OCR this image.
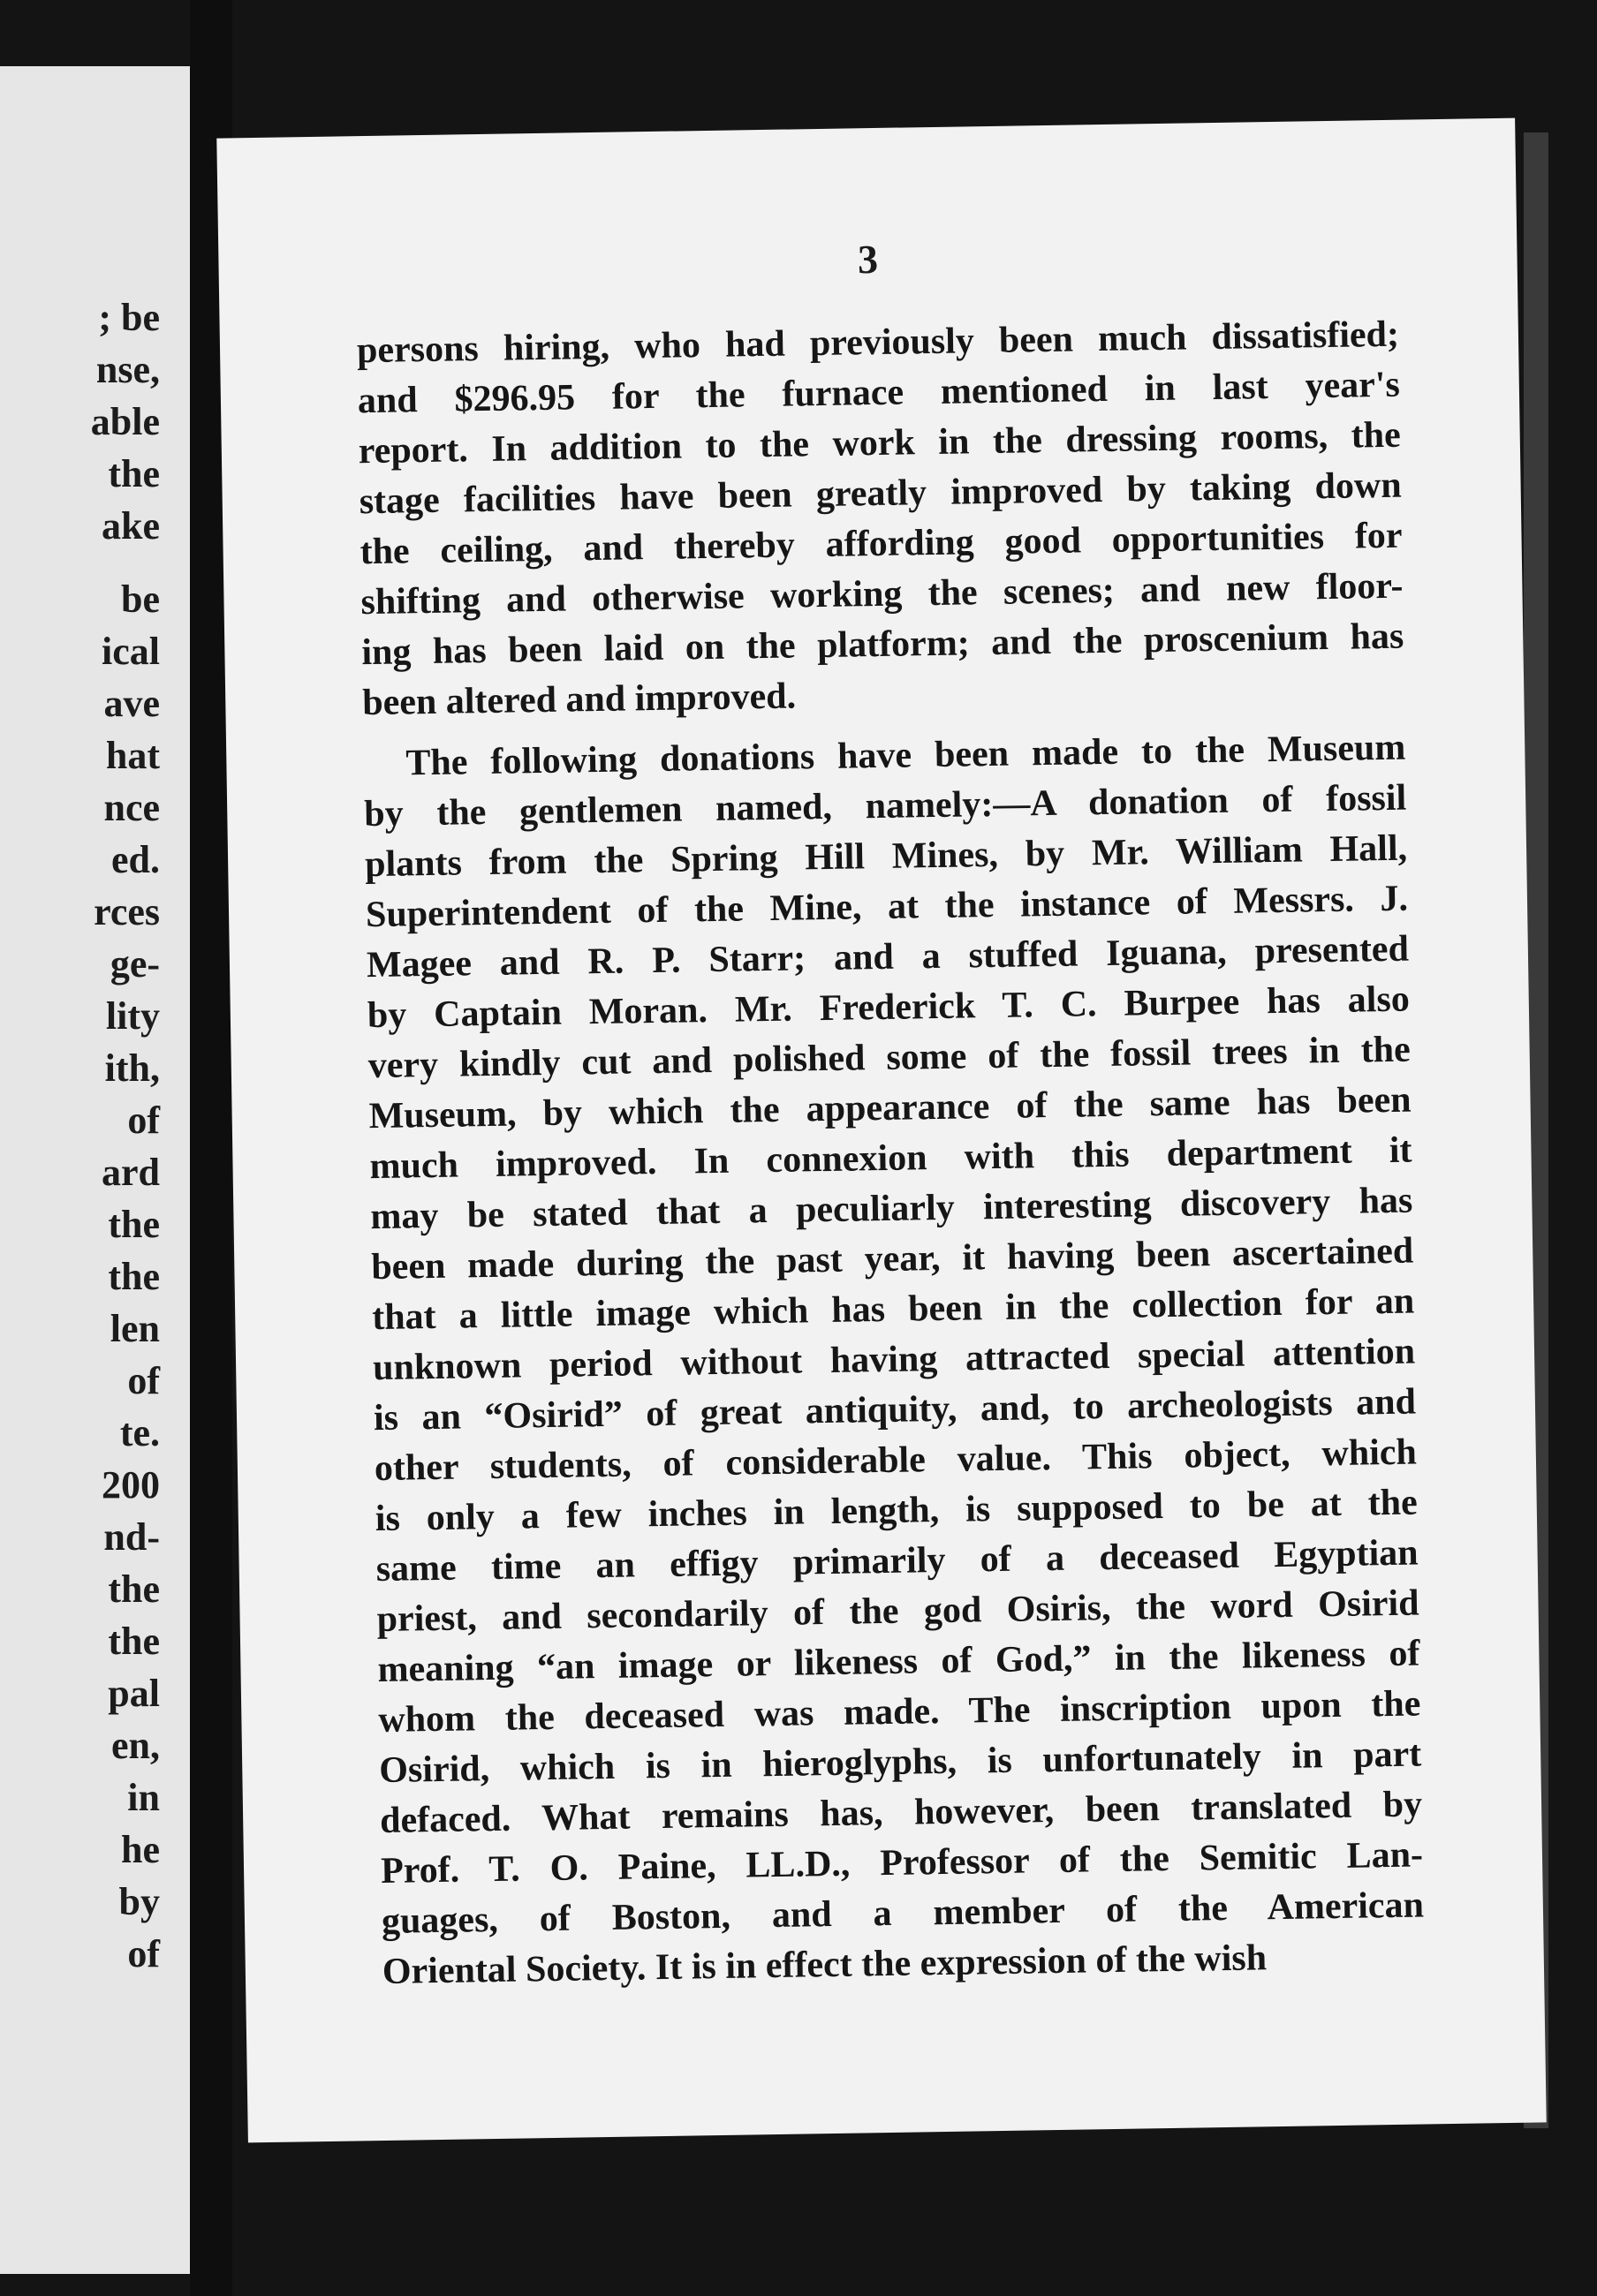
; be
nse,
able
the
ake
be
ical
ave
hat
nce
ed.
rces
ge-
lity
ith,
of
ard
the
the
len
of
te.
200
nd-
the
the
pal
en,
in
he
by
of

3

persons hiring, who had previously been much dissatisfied;
and $296.95 for the furnace mentioned in last year's
report. In addition to the work in the dressing rooms, the
stage facilities have been greatly improved by taking down
the ceiling, and thereby affording good opportunities for
shifting and otherwise working the scenes; and new floor-
ing has been laid on the platform; and the proscenium has
been altered and improved.
The following donations have been made to the Museum
by the gentlemen named, namely:—A donation of fossil
plants from the Spring Hill Mines, by Mr. William Hall,
Superintendent of the Mine, at the instance of Messrs. J.
Magee and R. P. Starr; and a stuffed Iguana, presented
by Captain Moran. Mr. Frederick T. C. Burpee has also
very kindly cut and polished some of the fossil trees in the
Museum, by which the appearance of the same has been
much improved. In connexion with this department it
may be stated that a peculiarly interesting discovery has
been made during the past year, it having been ascertained
that a little image which has been in the collection for an
unknown period without having attracted special attention
is an “Osirid” of great antiquity, and, to archeologists and
other students, of considerable value. This object, which
is only a few inches in length, is supposed to be at the
same time an effigy primarily of a deceased Egyptian
priest, and secondarily of the god Osiris, the word Osirid
meaning “an image or likeness of God,” in the likeness of
whom the deceased was made. The inscription upon the
Osirid, which is in hieroglyphs, is unfortunately in part
defaced. What remains has, however, been translated by
Prof. T. O. Paine, LL.D., Professor of the Semitic Lan-
guages, of Boston, and a member of the American
Oriental Society. It is in effect the expression of the wish
